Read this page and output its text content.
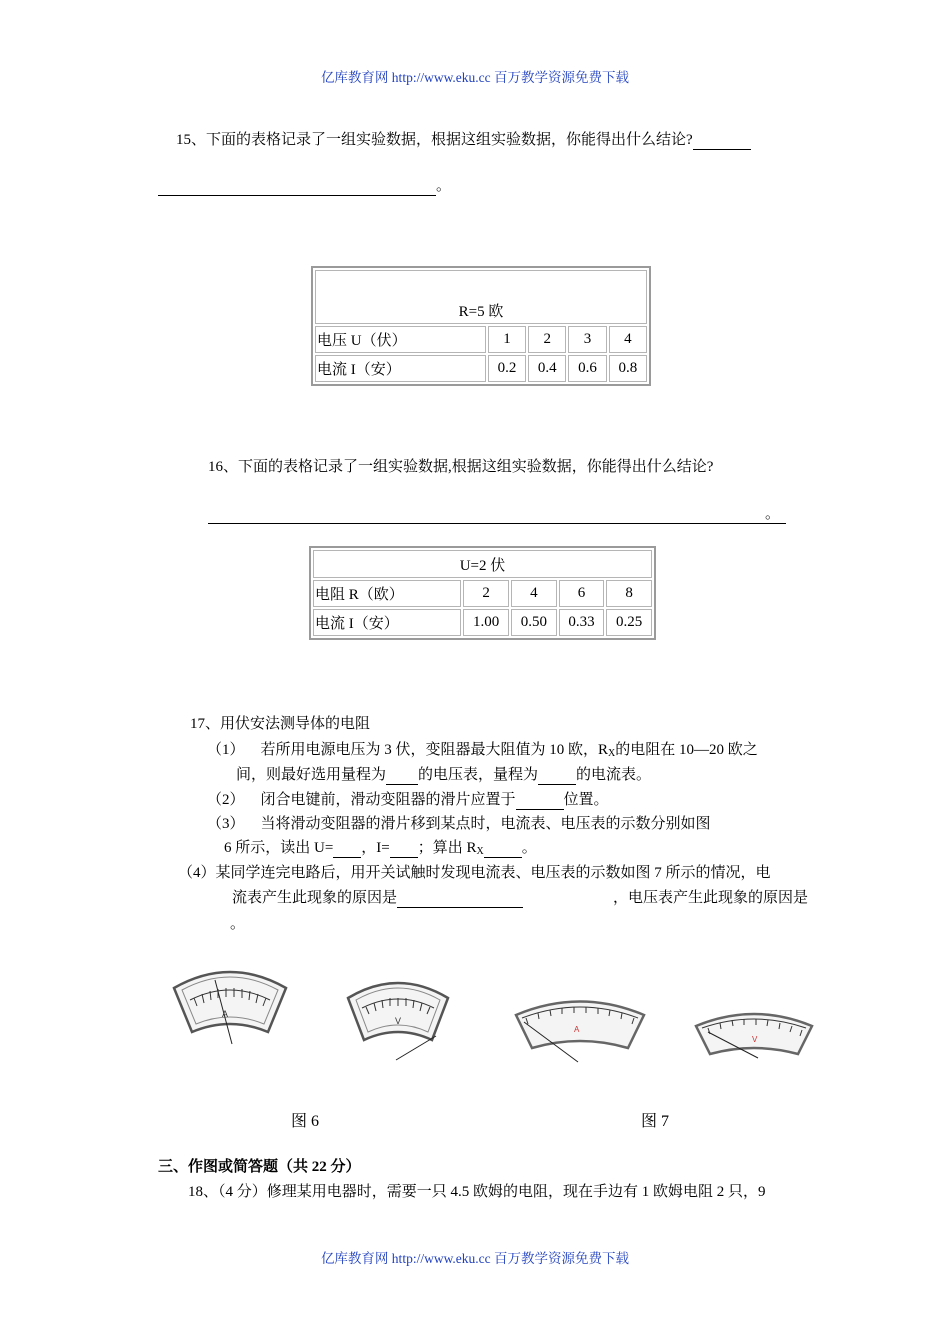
亿库教育网 http://www.eku.cc 百万教学资源免费下载
15、下面的表格记录了一组实验数据，根据这组实验数据，你能得出什么结论?
。
R=5 欧				
电压 U（伏）	1	2	3	4
电流 I（安）	0.2	0.4	0.6	0.8
16、下面的表格记录了一组实验数据,根据这组实验数据，你能得出什么结论?
。

U=2 伏				
电阻 R（欧）	2	4	6	8
电流 I（安）	1.00	0.50	0.33	0.25
17、用伏安法测导体的电阻
（1） 若所用电源电压为 3 伏，变阻器最大阻值为 10 欧，$R_X$的电阻在 10—20 欧之
间，则最好选用量程为 的电压表，量程为	的电流表。
（2） 闭合电键前，滑动变阻器的滑片应置于	位置。
（3） 当将滑动变阻器的滑片移到某点时，电流表、电压表的示数分别如图
6 所示，读出 U= ，I= ；算出 $R_X$	。
（4）某同学连完电路后，用开关试触时发现电流表、电压表的示数如图 7 所示的情况，电
流表产生此现象的原因是	，电压表产生此现象的原因是
。
A
V
A
V
图 6	图 7
三、作图或简答题（共 22 分）
18、（4 分）修理某用电器时，需要一只 4.5 欧姆的电阻，现在手边有 1 欧姆电阻 2 只，9
亿库教育网 http://www.eku.cc 百万教学资源免费下载
